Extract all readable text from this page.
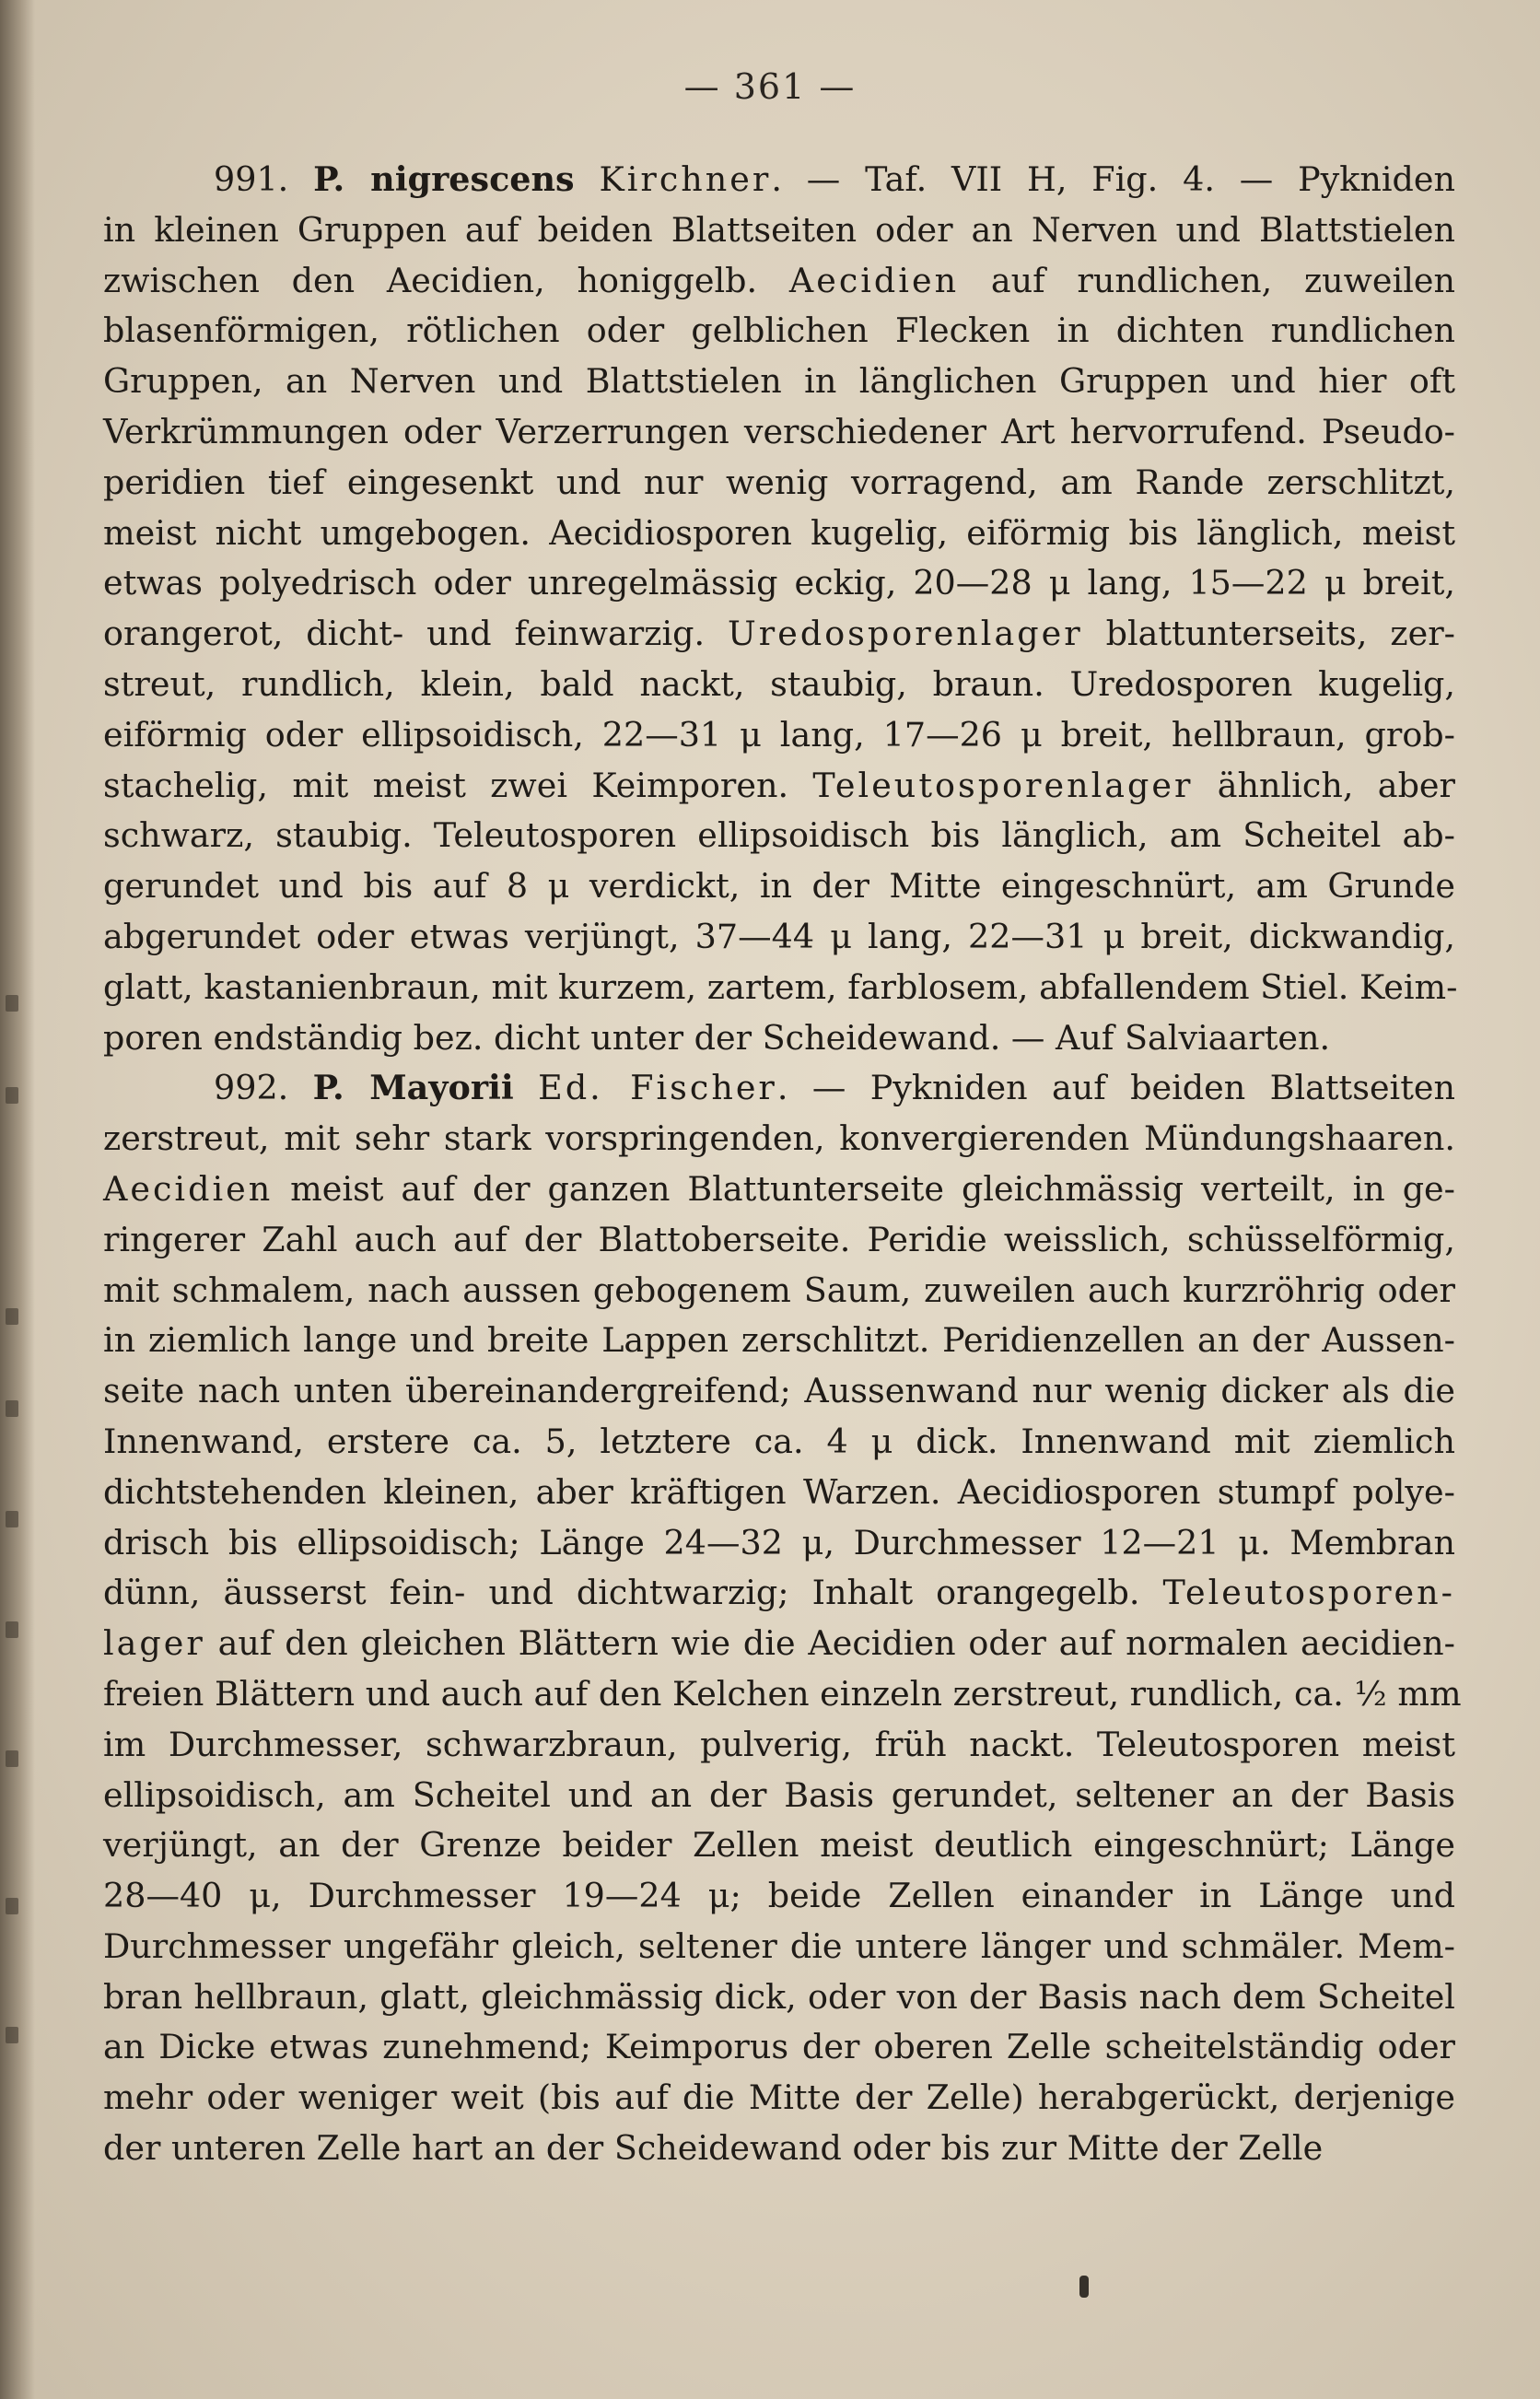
— 361 —
991. P. nigrescens Kirchner. — Taf. VII H, Fig. 4. — Pykniden
in kleinen Gruppen auf beiden Blattseiten oder an Nerven und Blattstielen
zwischen den Aecidien, honiggelb. Aecidien auf rundlichen, zuweilen
blasenförmigen, rötlichen oder gelblichen Flecken in dichten rundlichen
Gruppen, an Nerven und Blattstielen in länglichen Gruppen und hier oft
Verkrümmungen oder Verzerrungen verschiedener Art hervorrufend. Pseudo-
peridien tief eingesenkt und nur wenig vorragend, am Rande zerschlitzt,
meist nicht umgebogen. Aecidiosporen kugelig, eiförmig bis länglich, meist
etwas polyedrisch oder unregelmässig eckig, 20—28 μ lang, 15—22 μ breit,
orangerot, dicht- und feinwarzig. Uredosporenlager blattunterseits, zer-
streut, rundlich, klein, bald nackt, staubig, braun. Uredosporen kugelig,
eiförmig oder ellipsoidisch, 22—31 μ lang, 17—26 μ breit, hellbraun, grob-
stachelig, mit meist zwei Keimporen. Teleutosporenlager ähnlich, aber
schwarz, staubig. Teleutosporen ellipsoidisch bis länglich, am Scheitel ab-
gerundet und bis auf 8 μ verdickt, in der Mitte eingeschnürt, am Grunde
abgerundet oder etwas verjüngt, 37—44 μ lang, 22—31 μ breit, dickwandig,
glatt, kastanienbraun, mit kurzem, zartem, farblosem, abfallendem Stiel. Keim-
poren endständig bez. dicht unter der Scheidewand. — Auf Salviaarten.
992. P. Mayorii Ed. Fischer. — Pykniden auf beiden Blattseiten
zerstreut, mit sehr stark vorspringenden, konvergierenden Mündungshaaren.
Aecidien meist auf der ganzen Blattunterseite gleichmässig verteilt, in ge-
ringerer Zahl auch auf der Blattoberseite. Peridie weisslich, schüsselförmig,
mit schmalem, nach aussen gebogenem Saum, zuweilen auch kurzröhrig oder
in ziemlich lange und breite Lappen zerschlitzt. Peridienzellen an der Aussen-
seite nach unten übereinandergreifend; Aussenwand nur wenig dicker als die
Innenwand, erstere ca. 5, letztere ca. 4 μ dick. Innenwand mit ziemlich
dichtstehenden kleinen, aber kräftigen Warzen. Aecidiosporen stumpf polye-
drisch bis ellipsoidisch; Länge 24—32 μ, Durchmesser 12—21 μ. Membran
dünn, äusserst fein- und dichtwarzig; Inhalt orangegelb. Teleutosporen-
lager auf den gleichen Blättern wie die Aecidien oder auf normalen aecidien-
freien Blättern und auch auf den Kelchen einzeln zerstreut, rundlich, ca. ½ mm
im Durchmesser, schwarzbraun, pulverig, früh nackt. Teleutosporen meist
ellipsoidisch, am Scheitel und an der Basis gerundet, seltener an der Basis
verjüngt, an der Grenze beider Zellen meist deutlich eingeschnürt; Länge
28—40 μ, Durchmesser 19—24 μ; beide Zellen einander in Länge und
Durchmesser ungefähr gleich, seltener die untere länger und schmäler. Mem-
bran hellbraun, glatt, gleichmässig dick, oder von der Basis nach dem Scheitel
an Dicke etwas zunehmend; Keimporus der oberen Zelle scheitelständig oder
mehr oder weniger weit (bis auf die Mitte der Zelle) herabgerückt, derjenige
der unteren Zelle hart an der Scheidewand oder bis zur Mitte der Zelle
